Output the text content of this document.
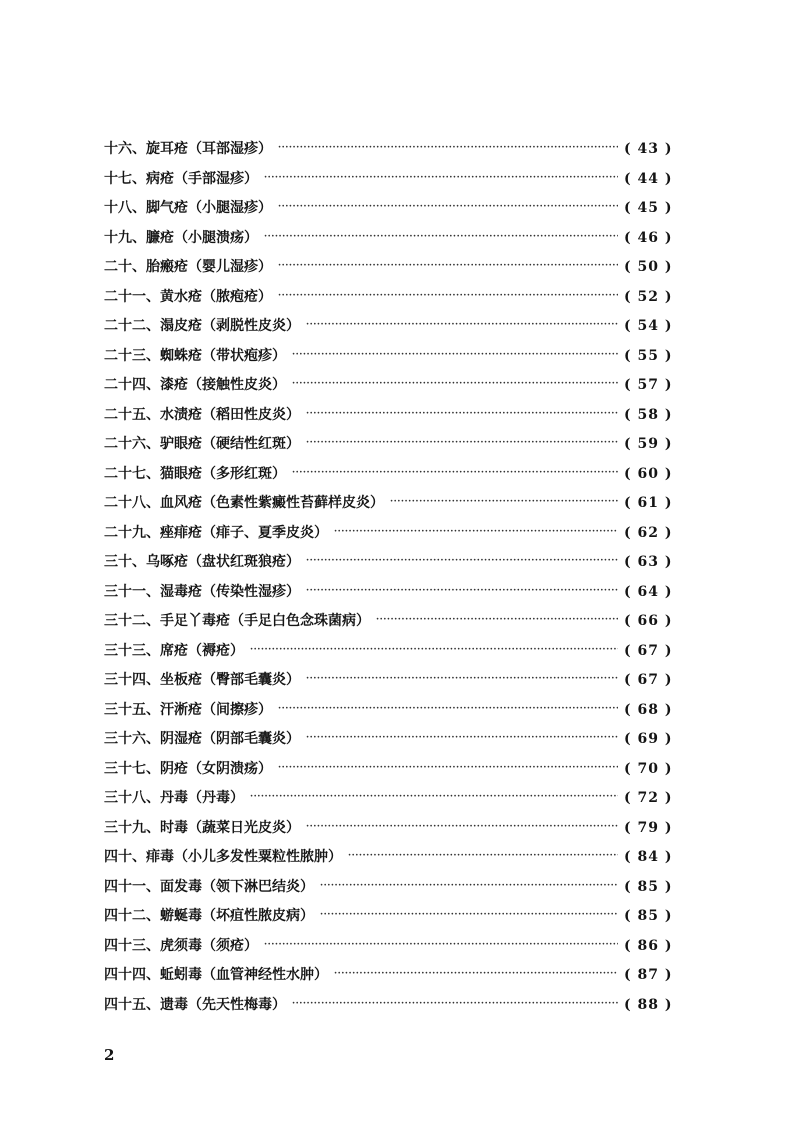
十六、旋耳疮（耳部湿疹） ·····	( 43 )
十七、病疮（手部湿疹） ·····	( 44 )
十八、脚气疮（小腿湿疹） ·····	( 45 )
十九、臁疮（小腿溃疡） ·····	( 46 )
二十、胎瘢疮（婴儿湿疹） ·····	( 50 )
二十一、黄水疮（脓疱疮） ·····	( 52 )
二十二、溻皮疮（剥脱性皮炎） ·····	( 54 )
二十三、蜘蛛疮（带状疱疹） ·····	( 55 )
二十四、漆疮（接触性皮炎） ·····	( 57 )
二十五、水渍疮（稻田性皮炎） ·····	( 58 )
二十六、驴眼疮（硬结性红斑） ·····	( 59 )
二十七、猫眼疮（多形红斑） ·····	( 60 )
二十八、血风疮（色素性紫癜性苔藓样皮炎） ·····	( 61 )
二十九、痤痱疮（痱子、夏季皮炎） ·····	( 62 )
三十、乌啄疮（盘状红斑狼疮） ·····	( 63 )
三十一、湿毒疮（传染性湿疹） ·····	( 64 )
三十二、手足丫毒疮（手足白色念珠菌病） ·····	( 66 )
三十三、席疮（褥疮） ·····	( 67 )
三十四、坐板疮（臀部毛囊炎） ·····	( 67 )
三十五、汗淅疮（间擦疹） ·····	( 68 )
三十六、阴湿疮（阴部毛囊炎） ·····	( 69 )
三十七、阴疮（女阴溃疡） ·····	( 70 )
三十八、丹毒（丹毒） ·····	( 72 )
三十九、时毒（蔬菜日光皮炎） ·····	( 79 )
四十、痱毒（小儿多发性粟粒性脓肿） ·····	( 84 )
四十一、面发毒（领下淋巴结炎） ·····	( 85 )
四十二、蝣蜒毒（坏疽性脓皮病） ·····	( 85 )
四十三、虎须毒（须疮） ·····	( 86 )
四十四、蚯蚓毒（血管神经性水肿） ·····	( 87 )
四十五、遗毒（先天性梅毒） ·····	( 88 )
2
